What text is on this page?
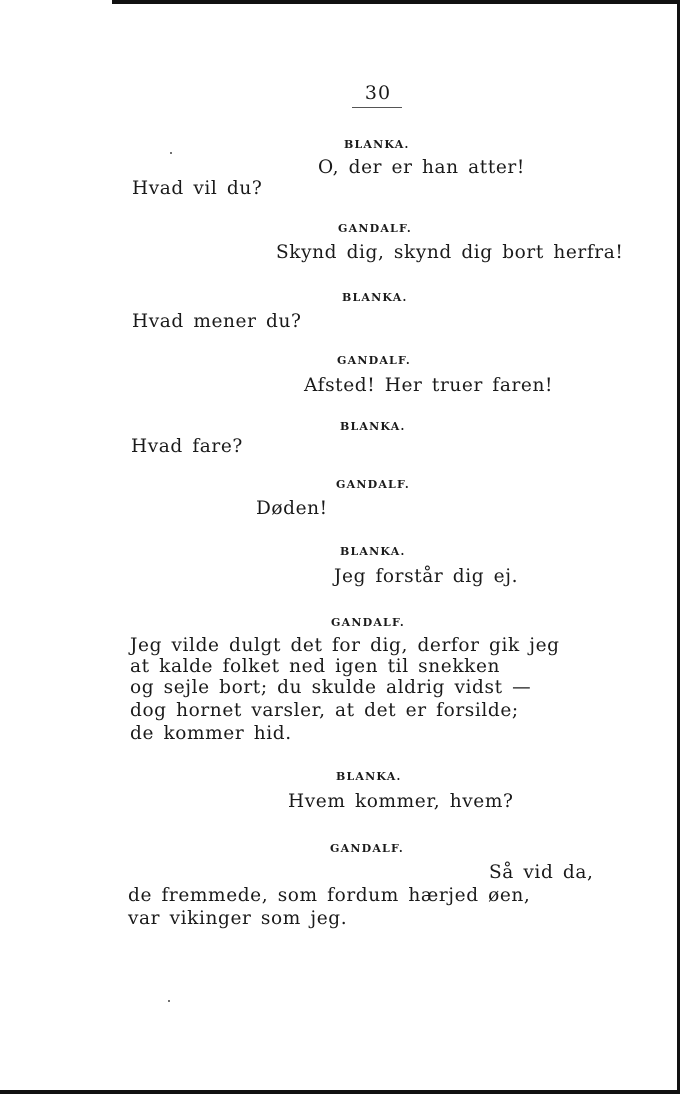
30
BLANKA.
O, der er han atter!
Hvad vil du?
GANDALF.
Skynd dig, skynd dig bort herfra!
BLANKA.
Hvad mener du?
GANDALF.
Afsted! Her truer faren!
BLANKA.
Hvad fare?
GANDALF.
Døden!
BLANKA.
Jeg forstår dig ej.
GANDALF.
Jeg vilde dulgt det for dig, derfor gik jeg
at kalde folket ned igen til snekken
og sejle bort; du skulde aldrig vidst —
dog hornet varsler, at det er forsilde;
de kommer hid.
BLANKA.
Hvem kommer, hvem?
GANDALF.
Så vid da,
de fremmede, som fordum hærjed øen,
var vikinger som jeg.
